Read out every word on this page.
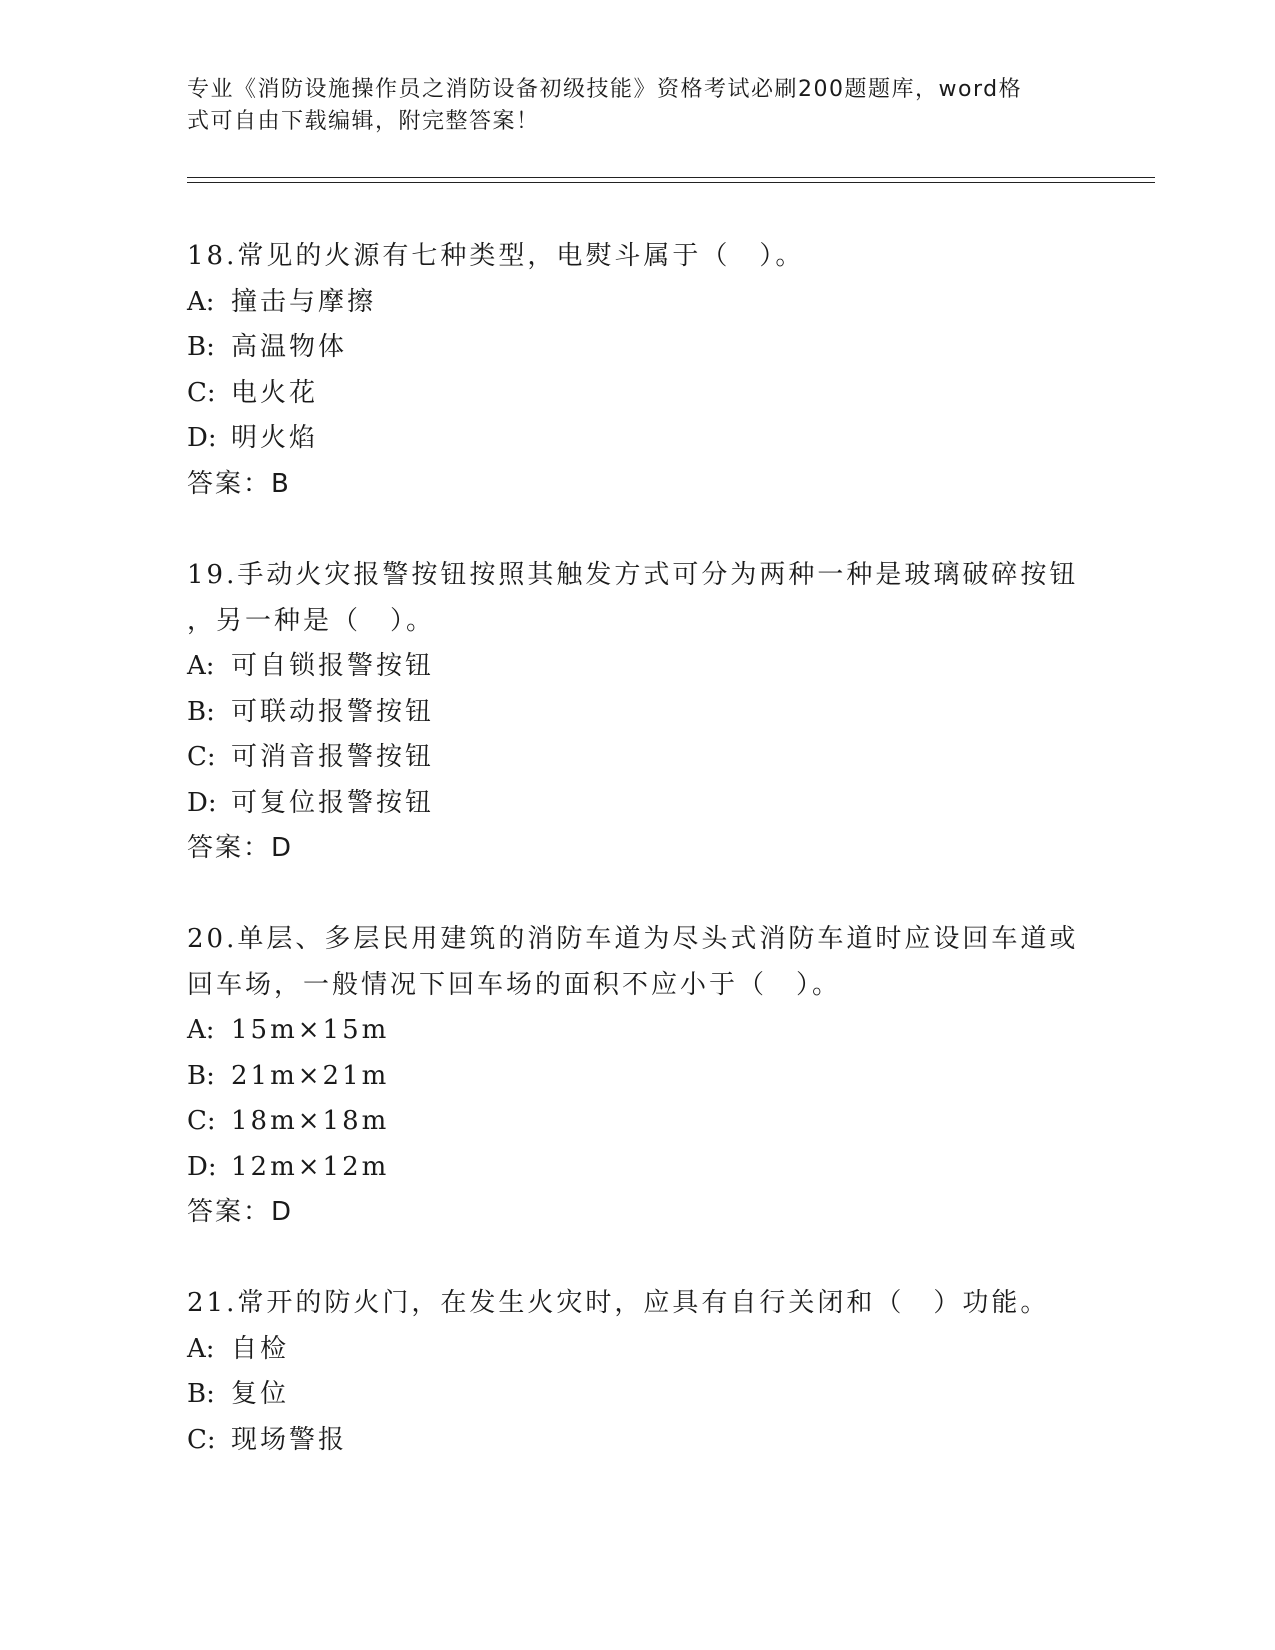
专业《消防设施操作员之消防设备初级技能》资格考试必刷200题题库，word格
式可自由下载编辑，附完整答案！
18.常见的火源有七种类型，电熨斗属于（　）。
A: 撞击与摩擦
B: 高温物体
C: 电火花
D: 明火焰
答案：B
19.手动火灾报警按钮按照其触发方式可分为两种一种是玻璃破碎按钮
，另一种是（　）。
A: 可自锁报警按钮
B: 可联动报警按钮
C: 可消音报警按钮
D: 可复位报警按钮
答案：D
20.单层、多层民用建筑的消防车道为尽头式消防车道时应设回车道或
回车场，一般情况下回车场的面积不应小于（　）。
A: 15m×15m
B: 21m×21m
C: 18m×18m
D: 12m×12m
答案：D
21.常开的防火门，在发生火灾时，应具有自行关闭和（　）功能。
A: 自检
B: 复位
C: 现场警报
